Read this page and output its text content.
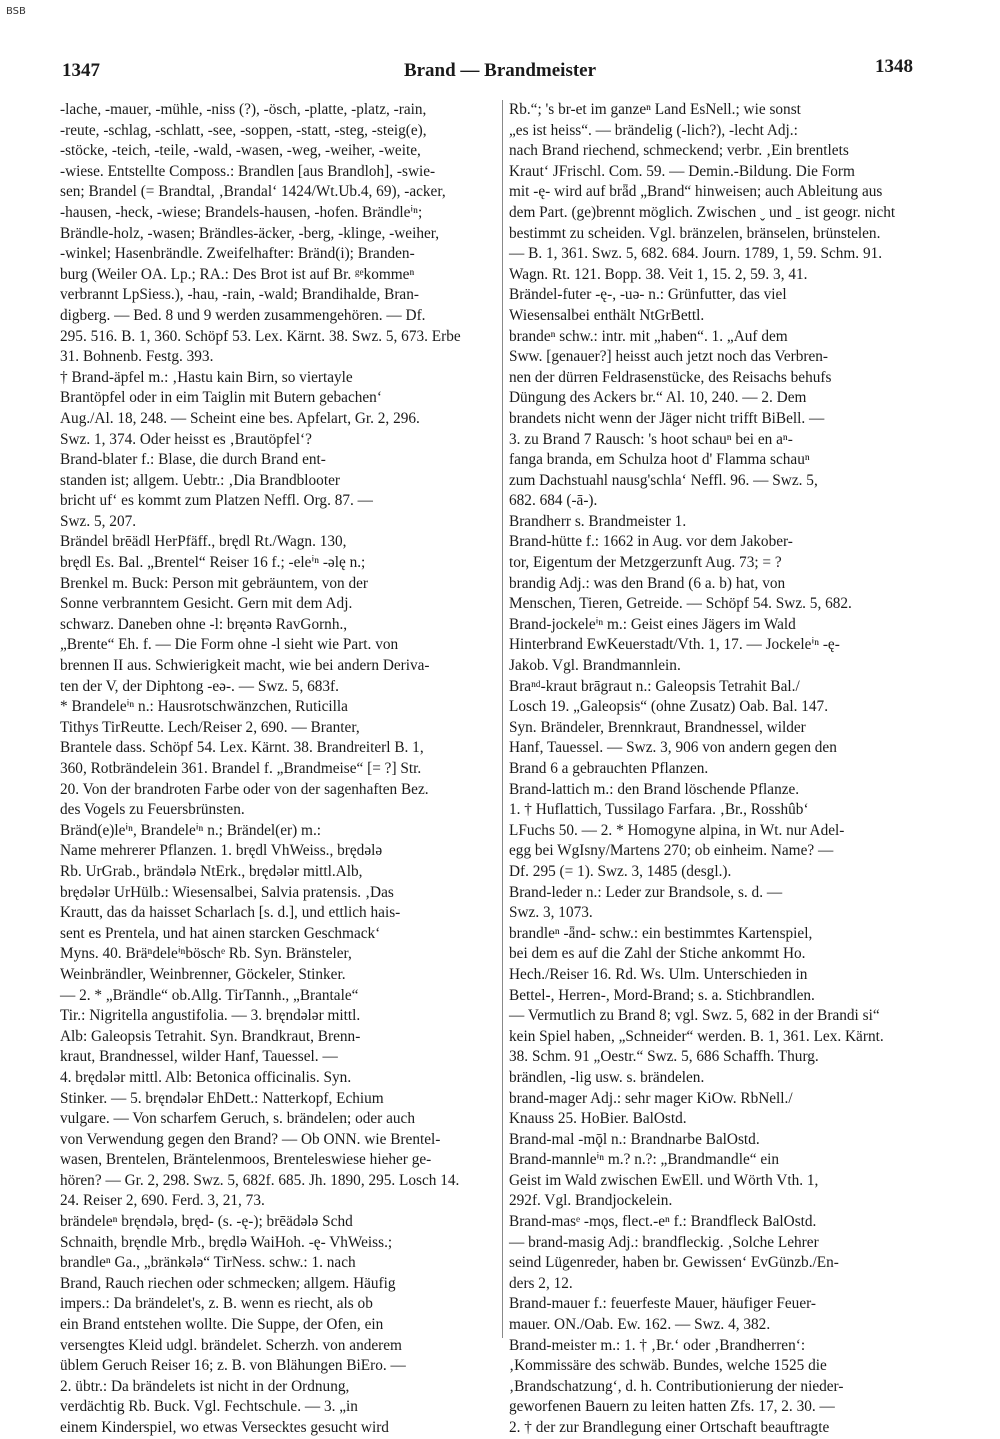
BSB
1347	Brand — Brandmeister	1348
-lache, -mauer, -mühle, -niss (?), -ösch, -platte, -platz, -rain,
-reute, -schlag, -schlatt, -see, -soppen, -statt, -steg, -steig(e),
-stöcke, -teich, -teile, -wald, -wasen, -weg, -weiher, -weite,
-wiese. Entstellte Composs.: Brandlen [aus Brandloh], -swie-
sen; Brandel (= Brandtal, ‚Brandal‘ 1424/Wt.Ub.4, 69), -acker,
-hausen, -heck, -wiese; Brandels-hausen, -hofen. Brändleⁱⁿ;
Brändle-holz, -wasen; Brändles-äcker, -berg, -klinge, -weiher,
-winkel; Hasenbrändle. Zweifelhafter: Bränd(i); Branden-
burg (Weiler OA. Lp.; RA.: Des Brot ist auf Br. ᵍᵉkommeⁿ
verbrannt LpSiess.), -hau, -rain, -wald; Brandihalde, Bran-
digberg. — Bed. 8 und 9 werden zusammengehören. — Df.
295. 516. B. 1, 360. Schöpf 53. Lex. Kärnt. 38. Swz. 5, 673. Erbe
31. Bohnenb. Festg. 393.
† Brand-äpfel m.: ‚Hastu kain Birn, so viertayle
Brantöpfel oder in eim Taiglin mit Butern gebachen‘
Aug./Al. 18, 248. — Scheint eine bes. Apfelart, Gr. 2, 296.
Swz. 1, 374. Oder heisst es ‚Brautöpfel‘?
Brand-blater f.: Blase, die durch Brand ent-
standen ist; allgem. Uebtr.: ‚Dia Brandblooter
bricht uf‘ es kommt zum Platzen Neffl. Org. 87. —
Swz. 5, 207.
Brändel brēädl HerPfäff., brędl Rt./Wagn. 130,
brędl Es. Bal. „Brentel“ Reiser 16 f.; -eleⁱⁿ -əlę n.;
Brenkel m. Buck: Person mit gebräuntem, von der
Sonne verbranntem Gesicht. Gern mit dem Adj.
schwarz. Daneben ohne -l: bręəntə RavGornh.,
„Brente“ Eh. f. — Die Form ohne -l sieht wie Part. von
brennen II aus. Schwierigkeit macht, wie bei andern Deriva-
ten der V, der Diphtong -eə-. — Swz. 5, 683f.
* Brandeleⁱⁿ n.: Hausrotschwänzchen, Ruticilla
Tithys TirReutte. Lech/Reiser 2, 690. — Branter,
Brantele dass. Schöpf 54. Lex. Kärnt. 38. Brandreiterl B. 1,
360, Rotbrändelein 361. Brandel f. „Brandmeise“ [= ?] Str.
20. Von der brandroten Farbe oder von der sagenhaften Bez.
des Vogels zu Feuersbrünsten.
Bränd(e)leⁱⁿ, Brandeleⁱⁿ n.; Brändel(er) m.:
Name mehrerer Pflanzen. 1. brędl VhWeiss., brędələ
Rb. UrGrab., brändələ NtErk., brędələr mittl.Alb,
brędələr UrHülb.: Wiesensalbei, Salvia pratensis. ‚Das
Krautt, das da haisset Scharlach [s. d.], und ettlich hais-
sent es Prentela, und hat ainen starcken Geschmack‘
Myns. 40. Bräⁿdeleⁱⁿböschᵉ Rb. Syn. Bränsteler,
Weinbrändler, Weinbrenner, Göckeler, Stinker.
— 2. * „Brändle“ ob.Allg. TirTannh., „Brantale“
Tir.: Nigritella angustifolia. — 3. bręndələr mittl.
Alb: Galeopsis Tetrahit. Syn. Brandkraut, Brenn-
kraut, Brandnessel, wilder Hanf, Tauessel. —
4. brędələr mittl. Alb: Betonica officinalis. Syn.
Stinker. — 5. bręndələr EhDett.: Natterkopf, Echium
vulgare. — Von scharfem Geruch, s. brändelen; oder auch
von Verwendung gegen den Brand? — Ob ONN. wie Brentel-
wasen, Brentelen, Bräntelenmoos, Brenteleswiese hieher ge-
hören? — Gr. 2, 298. Swz. 5, 682f. 685. Jh. 1890, 295. Losch 14.
24. Reiser 2, 690. Ferd. 3, 21, 73.
brändeleⁿ bręndələ, bręd- (s. -ę-); brēädələ Schd
Schnaith, bręndle Mrb., brędlə WaiHoh. -ę- VhWeiss.;
brandleⁿ Ga., „bränkələ“ TirNess. schw.: 1. nach
Brand, Rauch riechen oder schmecken; allgem. Häufig
impers.: Da brändelet's, z. B. wenn es riecht, als ob
ein Brand entstehen wollte. Die Suppe, der Ofen, ein
versengtes Kleid udgl. brändelet. Scherzh. von anderem
üblem Geruch Reiser 16; z. B. von Blähungen BiEro. —
2. übtr.: Da brändelets ist nicht in der Ordnung,
verdächtig Rb. Buck. Vgl. Fechtschule. — 3. „in
einem Kinderspiel, wo etwas Versecktes gesucht wird
Rb.“; 's br-et im ganzeⁿ Land EsNell.; wie sonst
„es ist heiss“. — brändelig (-lich?), -lecht Adj.:
nach Brand riechend, schmeckend; verbr. ‚Ein brentlets
Kraut‘ JFrischl. Com. 59. — Demin.-Bildung. Die Form
mit -ę- wird auf brǟd „Brand“ hinweisen; auch Ableitung aus
dem Part. (ge)brennt möglich. Zwischen ˬ und ˍ ist geogr. nicht
bestimmt zu scheiden. Vgl. bränzelen, bränselen, brünstelen.
— B. 1, 361. Swz. 5, 682. 684. Journ. 1789, 1, 59. Schm. 91.
Wagn. Rt. 121. Bopp. 38. Veit 1, 15. 2, 59. 3, 41.
Brändel-futer -ę-, -uə- n.: Grünfutter, das viel
Wiesensalbei enthält NtGrBettl.
brandeⁿ schw.: intr. mit „haben“. 1. „Auf dem
Sww. [genauer?] heisst auch jetzt noch das Verbren-
nen der dürren Feldrasenstücke, des Reisachs behufs
Düngung des Ackers br.“ Al. 10, 240. — 2. Dem
brandets nicht wenn der Jäger nicht trifft BiBell. —
3. zu Brand 7 Rausch: 's hoot schauⁿ bei en aⁿ-
fanga branda, em Schulza hoot d' Flamma schauⁿ
zum Dachstuahl nausg'schla‘ Neffl. 96. — Swz. 5,
682. 684 (-ā-).
Brandherr s. Brandmeister 1.
Brand-hütte f.: 1662 in Aug. vor dem Jakober-
tor, Eigentum der Metzgerzunft Aug. 73; = ?
brandig Adj.: was den Brand (6 a. b) hat, von
Menschen, Tieren, Getreide. — Schöpf 54. Swz. 5, 682.
Brand-jockeleⁱⁿ m.: Geist eines Jägers im Wald
Hinterbrand EwKeuerstadt/Vth. 1, 17. — Jockeleⁱⁿ -ę-
Jakob. Vgl. Brandmannlein.
Braⁿᵈ-kraut brāgraut n.: Galeopsis Tetrahit Bal./
Losch 19. „Galeopsis“ (ohne Zusatz) Oab. Bal. 147.
Syn. Brändeler, Brennkraut, Brandnessel, wilder
Hanf, Tauessel. — Swz. 3, 906 von andern gegen den
Brand 6 a gebrauchten Pflanzen.
Brand-lattich m.: den Brand löschende Pflanze.
1. † Huflattich, Tussilago Farfara. ‚Br., Rosshûb‘
LFuchs 50. — 2. * Homogyne alpina, in Wt. nur Adel-
egg bei WgIsny/Martens 270; ob einheim. Name? —
Df. 295 (= 1). Swz. 3, 1485 (desgl.).
Brand-leder n.: Leder zur Brandsole, s. d. —
Swz. 3, 1073.
brandleⁿ -ǟnd- schw.: ein bestimmtes Kartenspiel,
bei dem es auf die Zahl der Stiche ankommt Ho.
Hech./Reiser 16. Rd. Ws. Ulm. Unterschieden in
Bettel-, Herren-, Mord-Brand; s. a. Stichbrandlen.
— Vermutlich zu Brand 8; vgl. Swz. 5, 682 in der Brandi si“
kein Spiel haben, „Schneider“ werden. B. 1, 361. Lex. Kärnt.
38. Schm. 91 „Oestr.“ Swz. 5, 686 Schaffh. Thurg.
brändlen, -lig usw. s. brändelen.
brand-mager Adj.: sehr mager KiOw. RbNell./
Knauss 25. HoBier. BalOstd.
Brand-mal -mǭl n.: Brandnarbe BalOstd.
Brand-mannleⁱⁿ m.? n.?: „Brandmandle“ ein
Geist im Wald zwischen EwEll. und Wörth Vth. 1,
292f. Vgl. Brandjockelein.
Brand-masᵉ -mǫs, flect.-eⁿ f.: Brandfleck BalOstd.
— brand-masig Adj.: brandfleckig. ‚Solche Lehrer
seind Lügenreder, haben br. Gewissen‘ EvGünzb./En-
ders 2, 12.
Brand-mauer f.: feuerfeste Mauer, häufiger Feuer-
mauer. ON./Oab. Ew. 162. — Swz. 4, 382.
Brand-meister m.: 1. † ‚Br.‘ oder ‚Brandherren‘:
‚Kommissäre des schwäb. Bundes, welche 1525 die
‚Brandschatzung‘, d. h. Contributionierung der nieder-
geworfenen Bauern zu leiten hatten Zfs. 17, 2. 30. —
2. † der zur Brandlegung einer Ortschaft beauftragte
